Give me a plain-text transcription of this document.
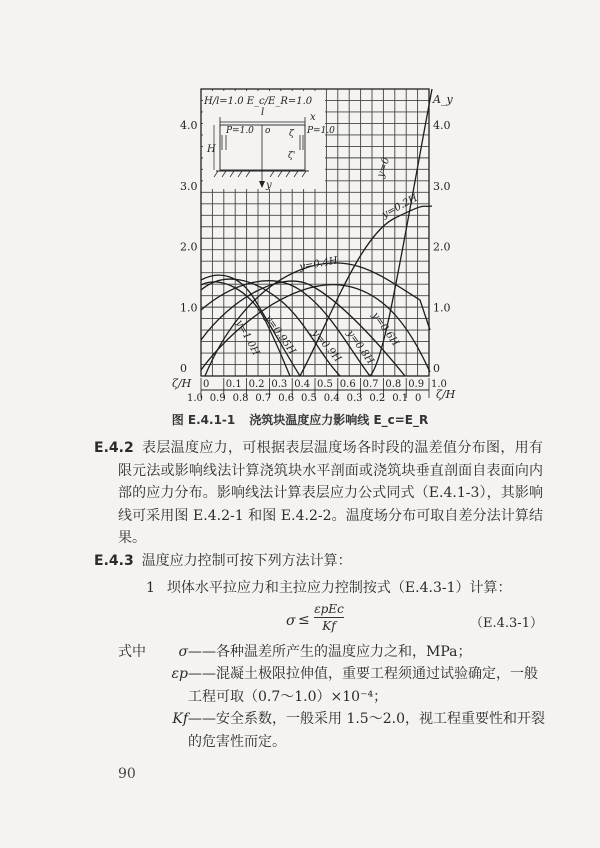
H/l=1.0 E_c/E_R=1.0
l	x
o
y
H
P=1.0	P=1.0
ζ
ζ'
y=0
y=0.2H
y=0.4H
y=0.6H
y=0.8H
y=0.9H
y=0.95H
y=1.0H
4.0
3.0
2.0
1.0
0
4.0
3.0
2.0
1.0
0
A_y
ζ/H
ζ/H
0 0.1 0.2 0.3 0.4 0.5 0.6 0.7 0.8 0.9 1.0
1.0 0.9 0.8 0.7 0.6 0.5 0.4 0.3 0.2 0.1 0
图 E.4.1-1 浇筑块温度应力影响线 E_c=E_R
E.4.2 表层温度应力，可根据表层温度场各时段的温差值分布图，用有限元法或影响线法计算浇筑块水平剖面或浇筑块垂直剖面自表面向内部的应力分布。影响线法计算表层应力公式同式（E.4.1-3），其影响线可采用图 E.4.2-1 和图 E.4.2-2。温度场分布可取自差分法计算结果。
E.4.3 温度应力控制可按下列方法计算：
1 坝体水平拉应力和主拉应力控制按式（E.4.3-1）计算：
σ ≤
εpEc
Kf	（E.4.3-1）
式中	σ ——各种温差所产生的温度应力之和，MPa；
εp ——混凝土极限拉伸值，重要工程须通过试验确定，一般工程可取（0.7～1.0）×10⁻⁴；
Kf ——安全系数，一般采用 1.5～2.0，视工程重要性和开裂的危害性而定。
90
